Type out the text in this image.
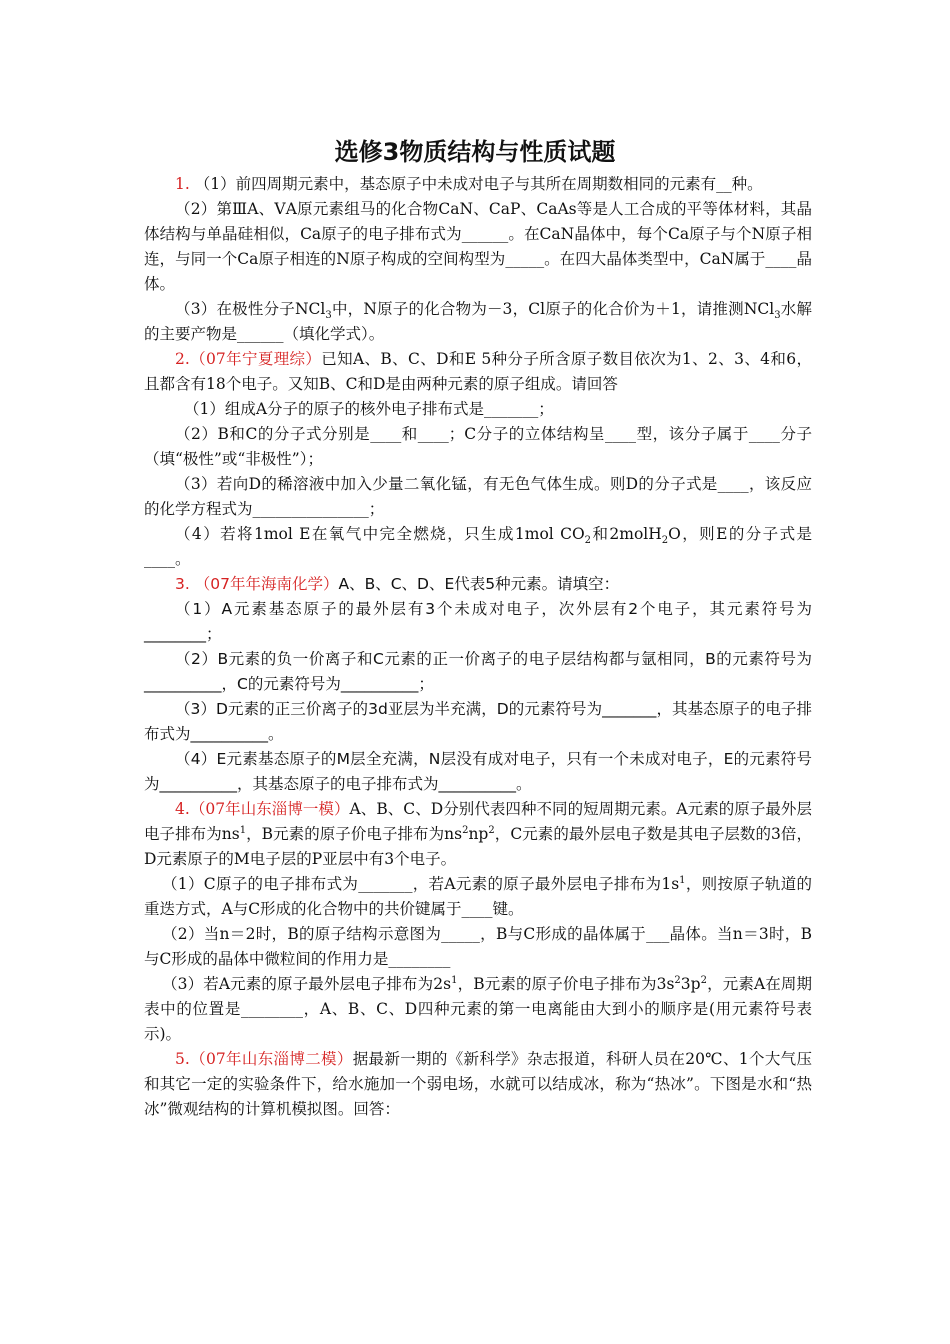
选修3物质结构与性质试题

1. （1）前四周期元素中，基态原子中未成对电子与其所在周期数相同的元素有__种。

（2）第ⅢA、ⅤA原元素组马的化合物CaN、CaP、CaAs等是人工合成的平等体材料，其晶体结构与单晶硅相似，Ca原子的电子排布式为______。在CaN晶体中，每个Ca原子与个N原子相连，与同一个Ca原子相连的N原子构成的空间构型为_____。在四大晶体类型中，CaN属于____晶体。

（3）在极性分子NCl$_3$中，N原子的化合物为－3，Cl原子的化合价为＋1，请推测NCl$_3$水解的主要产物是______（填化学式）。

2.（07年宁夏理综）已知A、B、C、D和E 5种分子所含原子数目依次为1、2、3、4和6，且都含有18个电子。又知B、C和D是由两种元素的原子组成。请回答

（1）组成A分子的原子的核外电子排布式是_______；

（2）B和C的分子式分别是____和____；C分子的立体结构呈____型，该分子属于____分子（填“极性”或“非极性”）；

（3）若向D的稀溶液中加入少量二氧化锰，有无色气体生成。则D的分子式是____，该反应的化学方程式为_______________；

（4）若将1mol E在氧气中完全燃烧，只生成1mol $CO_2$和2molH$_2$O，则E的分子式是____。

3. （07年年海南化学）A、B、C、D、E代表5种元素。请填空：

（1）A元素基态原子的最外层有3个未成对电子，次外层有2个电子，其元素符号为________；

（2）B元素的负一价离子和C元素的正一价离子的电子层结构都与氩相同，B的元素符号为__________，C的元素符号为__________；

（3）D元素的正三价离子的3d亚层为半充满，D的元素符号为_______，其基态原子的电子排布式为__________。

（4）E元素基态原子的M层全充满，N层没有成对电子，只有一个未成对电子，E的元素符号为__________，其基态原子的电子排布式为__________。

4.（07年山东淄博一模）A、B、C、D分别代表四种不同的短周期元素。A元素的原子最外层电子排布为$ns^1$，B元素的原子价电子排布为$ns^2np^2$，C元素的最外层电子数是其电子层数的3倍，D元素原子的M电子层的P亚层中有3个电子。

（1）C原子的电子排布式为_______，若A元素的原子最外层电子排布为$1s^1$，则按原子轨道的重迭方式，A与C形成的化合物中的共价键属于____键。

（2）当n＝2时，B的原子结构示意图为_____，B与C形成的晶体属于___晶体。当n＝3时，B与C形成的晶体中微粒间的作用力是________

（3）若A元素的原子最外层电子排布为$2s^1$，B元素的原子价电子排布为$3s^23p^2$，元素A在周期表中的位置是________，A、B、C、D四种元素的第一电离能由大到小的顺序是(用元素符号表示)。

5.（07年山东淄博二模）据最新一期的《新科学》杂志报道，科研人员在20℃、1个大气压和其它一定的实验条件下，给水施加一个弱电场，水就可以结成冰，称为“热冰”。下图是水和“热冰”微观结构的计算机模拟图。回答：
